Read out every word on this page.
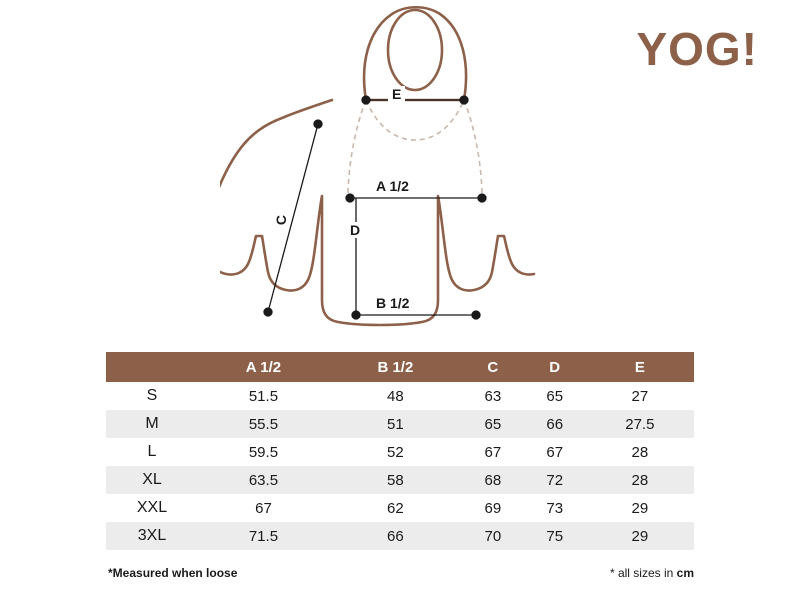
YOG!
E
A 1/2
C
D
B 1/2
	A 1/2	B 1/2	C	D	E
S	51.5	48	63	65	27
M	55.5	51	65	66	27.5
L	59.5	52	67	67	28
XL	63.5	58	68	72	28
XXL	67	62	69	73	29
3XL	71.5	66	70	75	29
*Measured when loose	* all sizes in cm
